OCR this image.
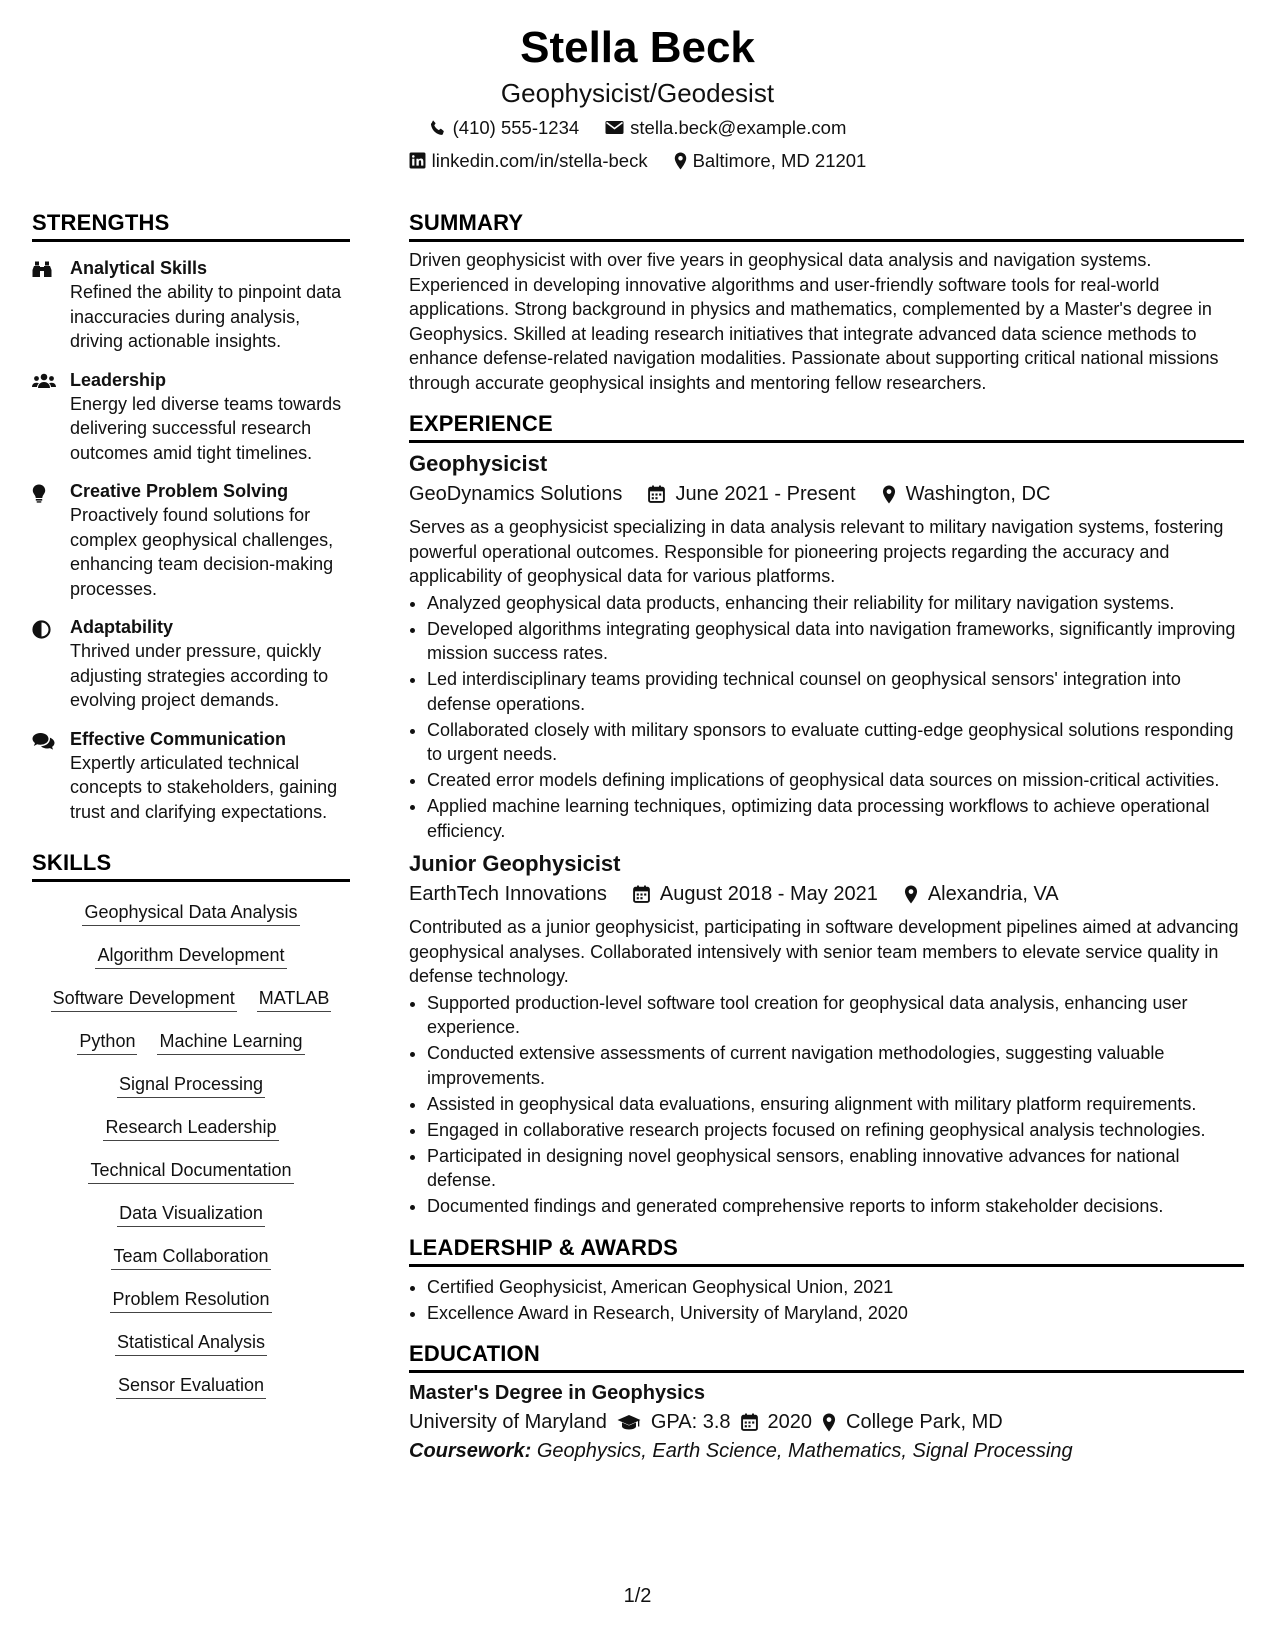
Stella Beck
Geophysicist/Geodesist
(410) 555-1234	stella.beck@example.com
linkedin.com/in/stella-beck Baltimore, MD 21201
STRENGTHS
Analytical Skills
Refined the ability to pinpoint data inaccuracies during analysis, driving actionable insights.
Leadership
Energy led diverse teams towards delivering successful research outcomes amid tight timelines.
Creative Problem Solving
Proactively found solutions for complex geophysical challenges, enhancing team decision-making processes.
Adaptability
Thrived under pressure, quickly adjusting strategies according to evolving project demands.
Effective Communication
Expertly articulated technical concepts to stakeholders, gaining trust and clarifying expectations.
SKILLS
Geophysical Data Analysis
Algorithm Development
Software Development MATLAB
Python Machine Learning
Signal Processing
Research Leadership
Technical Documentation
Data Visualization
Team Collaboration
Problem Resolution
Statistical Analysis
Sensor Evaluation
SUMMARY
Driven geophysicist with over five years in geophysical data analysis and navigation systems. Experienced in developing innovative algorithms and user-friendly software tools for real-world applications. Strong background in physics and mathematics, complemented by a Master's degree in Geophysics. Skilled at leading research initiatives that integrate advanced data science methods to enhance defense-related navigation modalities. Passionate about supporting critical national missions through accurate geophysical insights and mentoring fellow researchers.
EXPERIENCE
Geophysicist
GeoDynamics Solutions	June 2021 - Present	Washington, DC
Serves as a geophysicist specializing in data analysis relevant to military navigation systems, fostering powerful operational outcomes. Responsible for pioneering projects regarding the accuracy and applicability of geophysical data for various platforms.
• Analyzed geophysical data products, enhancing their reliability for military navigation systems.
• Developed algorithms integrating geophysical data into navigation frameworks, significantly improving mission success rates.
• Led interdisciplinary teams providing technical counsel on geophysical sensors' integration into defense operations.
• Collaborated closely with military sponsors to evaluate cutting-edge geophysical solutions responding to urgent needs.
• Created error models defining implications of geophysical data sources on mission-critical activities.
• Applied machine learning techniques, optimizing data processing workflows to achieve operational efficiency.
Junior Geophysicist
EarthTech Innovations	August 2018 - May 2021	Alexandria, VA
Contributed as a junior geophysicist, participating in software development pipelines aimed at advancing geophysical analyses. Collaborated intensively with senior team members to elevate service quality in defense technology.
• Supported production-level software tool creation for geophysical data analysis, enhancing user experience.
• Conducted extensive assessments of current navigation methodologies, suggesting valuable improvements.
• Assisted in geophysical data evaluations, ensuring alignment with military platform requirements.
• Engaged in collaborative research projects focused on refining geophysical analysis technologies.
• Participated in designing novel geophysical sensors, enabling innovative advances for national defense.
• Documented findings and generated comprehensive reports to inform stakeholder decisions.
LEADERSHIP & AWARDS
• Certified Geophysicist, American Geophysical Union, 2021
• Excellence Award in Research, University of Maryland, 2020
EDUCATION
Master's Degree in Geophysics
University of Maryland GPA: 3.8 2020 College Park, MD
Coursework: Geophysics, Earth Science, Mathematics, Signal Processing
1/2
